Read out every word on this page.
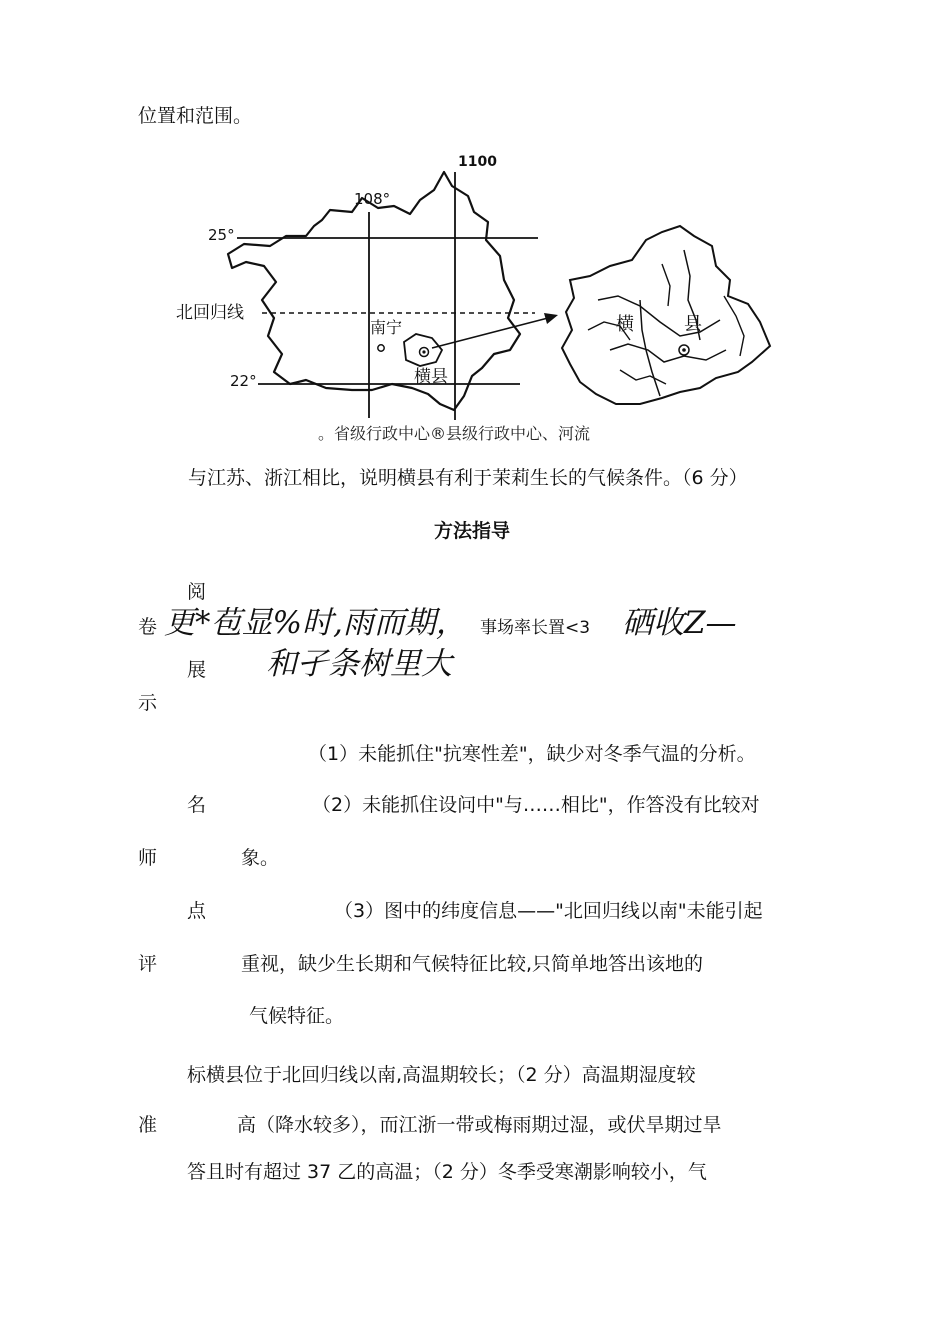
位置和范围。
1100
108°
25°
22°
北回归线
南宁
横县
横	县
。省级行政中心®县级行政中心、河流
与江苏、浙江相比，说明横县有利于茉莉生长的气候条件。（6 分）
方法指导
阅
卷
展
示
更*苞显%时,雨而期， 事场率长置<3 硒收Z—
和孑条树里大
（1）未能抓住"抗寒性差"，缺少对冬季气温的分析。
名	（2）未能抓住设问中"与……相比"，作答没有比较对
师	象。
点	（3）图中的纬度信息——"北回归线以南"未能引起
评	重视，缺少生长期和气候特征比较,只简单地答出该地的
气候特征。
标 横县位于北回归线以南,高温期较长；（2 分）高温期湿度较
准	高（降水较多），而江浙一带或梅雨期过湿，或伏旱期过旱
答 且时有超过 37 乙的高温；（2 分）冬季受寒潮影响较小，气
